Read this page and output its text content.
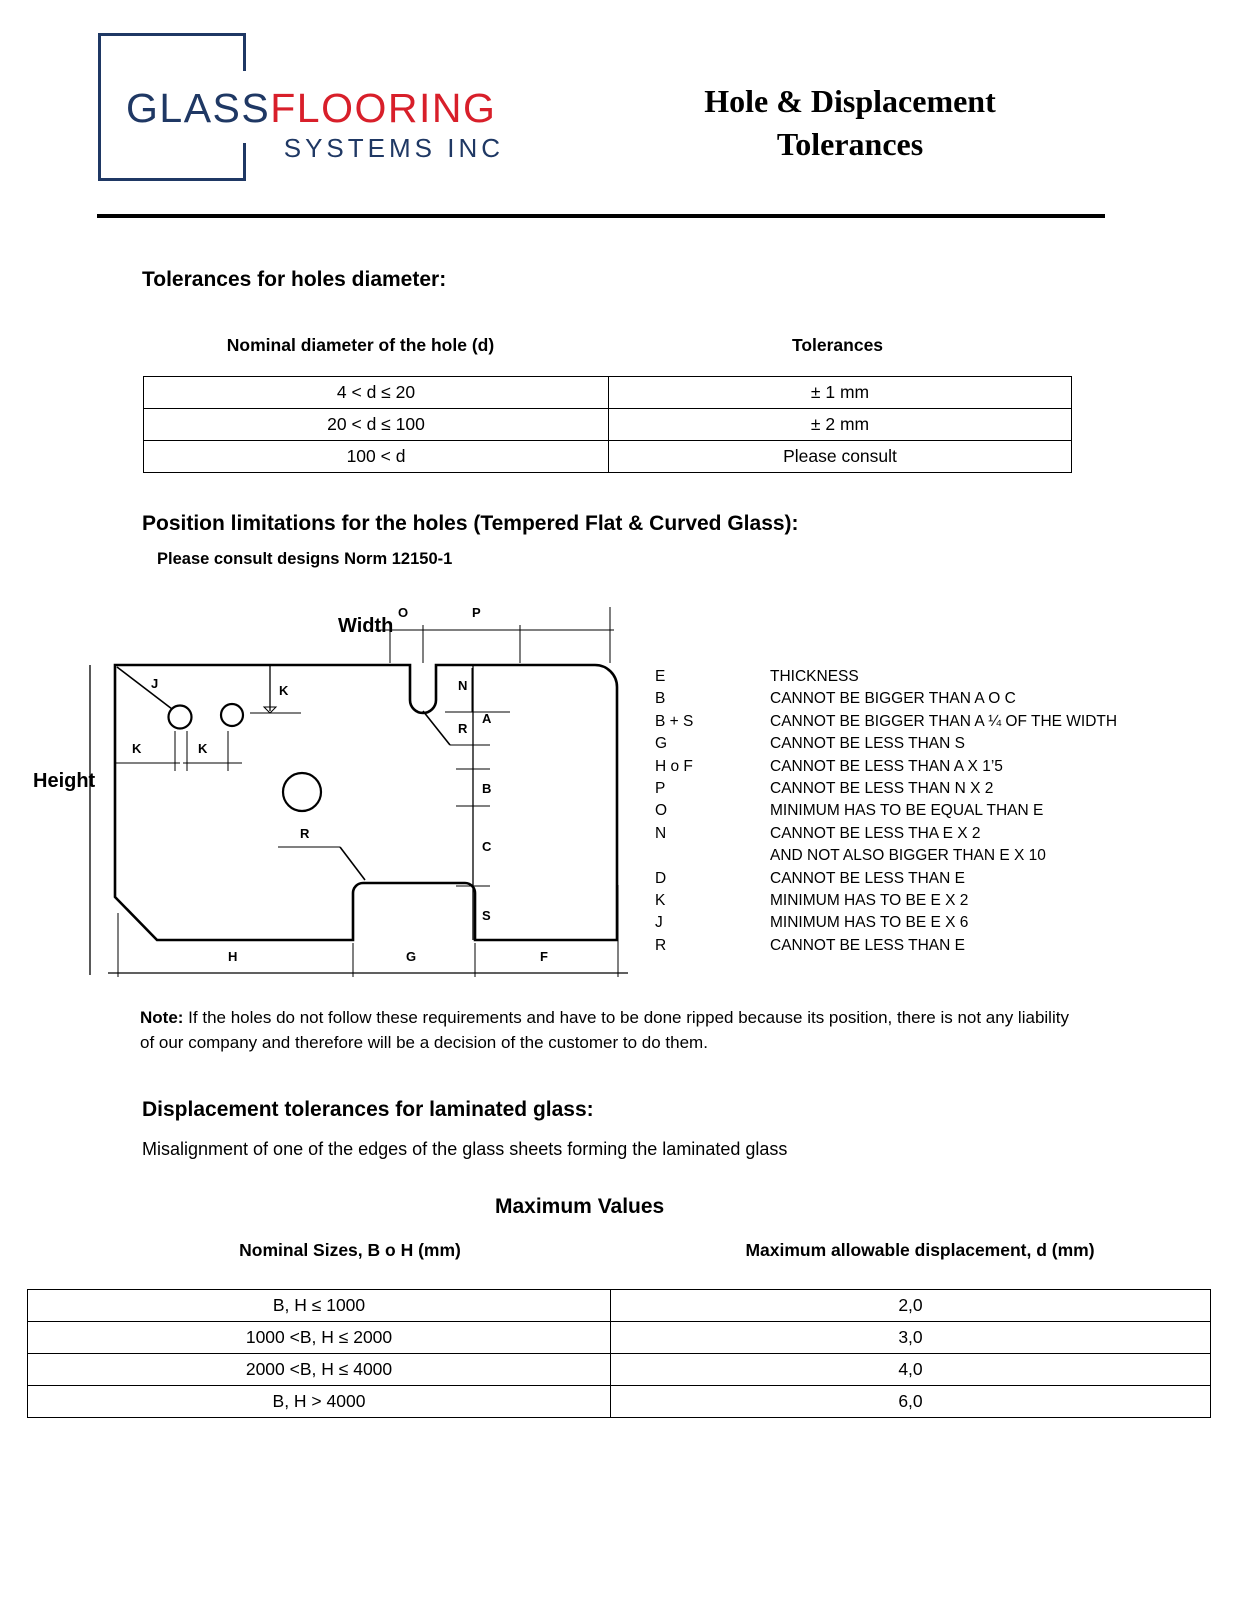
GLASSFLOORING
SYSTEMS INC
Hole & Displacement
Tolerances
Tolerances for holes diameter:
Nominal diameter of the hole (d)	Tolerances
4 < d ≤ 20	± 1 mm
20 < d ≤ 100	± 2 mm
100 < d	Please consult
Position limitations for the holes (Tempered Flat & Curved Glass):
Please consult designs Norm 12150-1
Width
Height
J	K
K	K
R
N
O	P
A
B
C
S
R
H	G	F
E	THICKNESS
B	CANNOT BE BIGGER THAN A O C
B + S	CANNOT BE BIGGER THAN A ¼ OF THE WIDTH
G	CANNOT BE LESS THAN S
H o F	CANNOT BE LESS THAN A X 1’5
P	CANNOT BE LESS THAN N X 2
O	MINIMUM HAS TO BE EQUAL THAN E
N	CANNOT BE LESS THA E X 2
AND NOT ALSO BIGGER THAN E X 10
D	CANNOT BE LESS THAN E
K	MINIMUM HAS TO BE E X 2
J	MINIMUM HAS TO BE E X 6
R	CANNOT BE LESS THAN E
Note: If the holes do not follow these requirements and have to be done ripped because its position, there is not any liability of our company and therefore will be a decision of the customer to do them.
Displacement tolerances for laminated glass:
Misalignment of one of the edges of the glass sheets forming the laminated glass
Maximum Values
Nominal Sizes, B o H (mm)	Maximum allowable displacement, d (mm)
B, H ≤ 1000	2,0
1000 <B, H ≤ 2000	3,0
2000 <B, H ≤ 4000	4,0
B, H > 4000	6,0
